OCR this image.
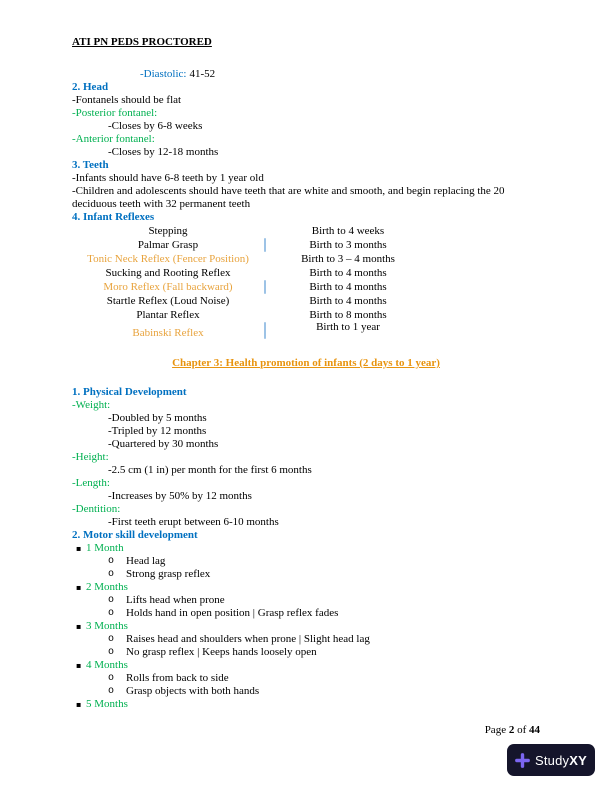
ATI PN PEDS PROCTORED
-Diastolic: 41-52
2. Head
-Fontanels should be flat
-Posterior fontanel:
-Closes by 6-8 weeks
-Anterior fontanel:
-Closes by 12-18 months
3. Teeth
-Infants should have 6-8 teeth by 1 year old
-Children and adolescents should have teeth that are white and smooth, and begin replacing the 20 deciduous teeth with 32 permanent teeth
4. Infant Reflexes
Stepping	Birth to 4 weeks
Palmar Grasp	Birth to 3 months
Tonic Neck Reflex (Fencer Position)	Birth to 3 – 4 months
Sucking and Rooting Reflex	Birth to 4 months
Moro Reflex (Fall backward)	Birth to 4 months
Startle Reflex (Loud Noise)	Birth to 4 months
Plantar Reflex	Birth to 8 months
Babinski Reflex	Birth to 1 year
Chapter 3: Health promotion of infants (2 days to 1 year)
1. Physical Development
-Weight:
-Doubled by 5 months
-Tripled by 12 months
-Quartered by 30 months
-Height:
-2.5 cm (1 in) per month for the first 6 months
-Length:
-Increases by 50% by 12 months
-Dentition:
-First teeth erupt between 6-10 months
2. Motor skill development
▪ 1 Month
o	Head lag
o	Strong grasp reflex
▪ 2 Months
o	Lifts head when prone
o	Holds hand in open position | Grasp reflex fades
▪ 3 Months
o	Raises head and shoulders when prone | Slight head lag
o	No grasp reflex | Keeps hands loosely open
▪ 4 Months
o	Rolls from back to side
o	Grasp objects with both hands
▪ 5 Months
Page 2 of 44
StudyXY
